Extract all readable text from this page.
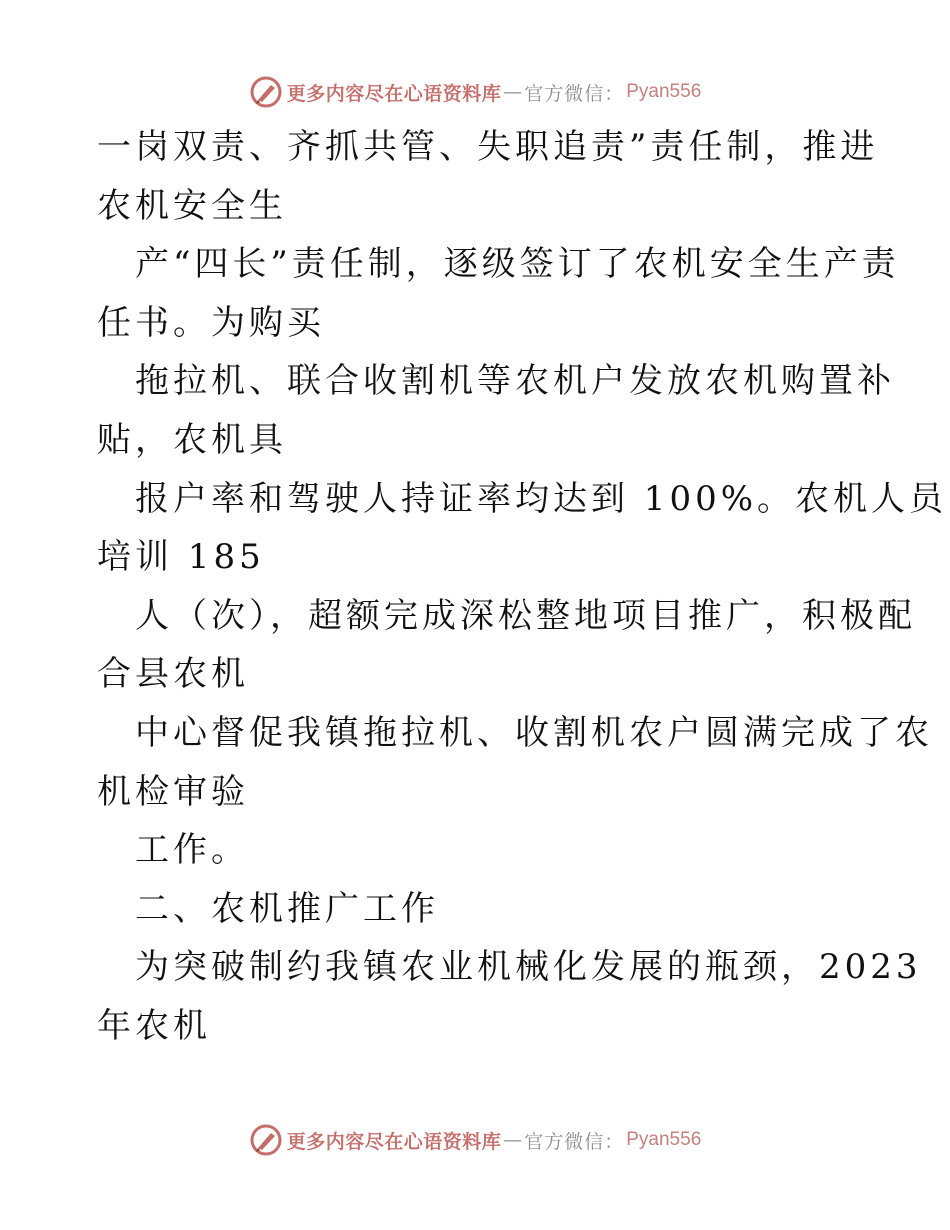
更多内容尽在心语资料库 — 官方微信： Pyan556
一岗双责、齐抓共管、失职追责”责任制，推进
农机安全生
产“四长”责任制，逐级签订了农机安全生产责
任书。为购买
拖拉机、联合收割机等农机户发放农机购置补
贴，农机具
报户率和驾驶人持证率均达到 100%。农机人员
培训 185
人（次），超额完成深松整地项目推广，积极配
合县农机
中心督促我镇拖拉机、收割机农户圆满完成了农
机检审验
工作。
二、农机推广工作
为突破制约我镇农业机械化发展的瓶颈，2023
年农机
更多内容尽在心语资料库 — 官方微信： Pyan556
